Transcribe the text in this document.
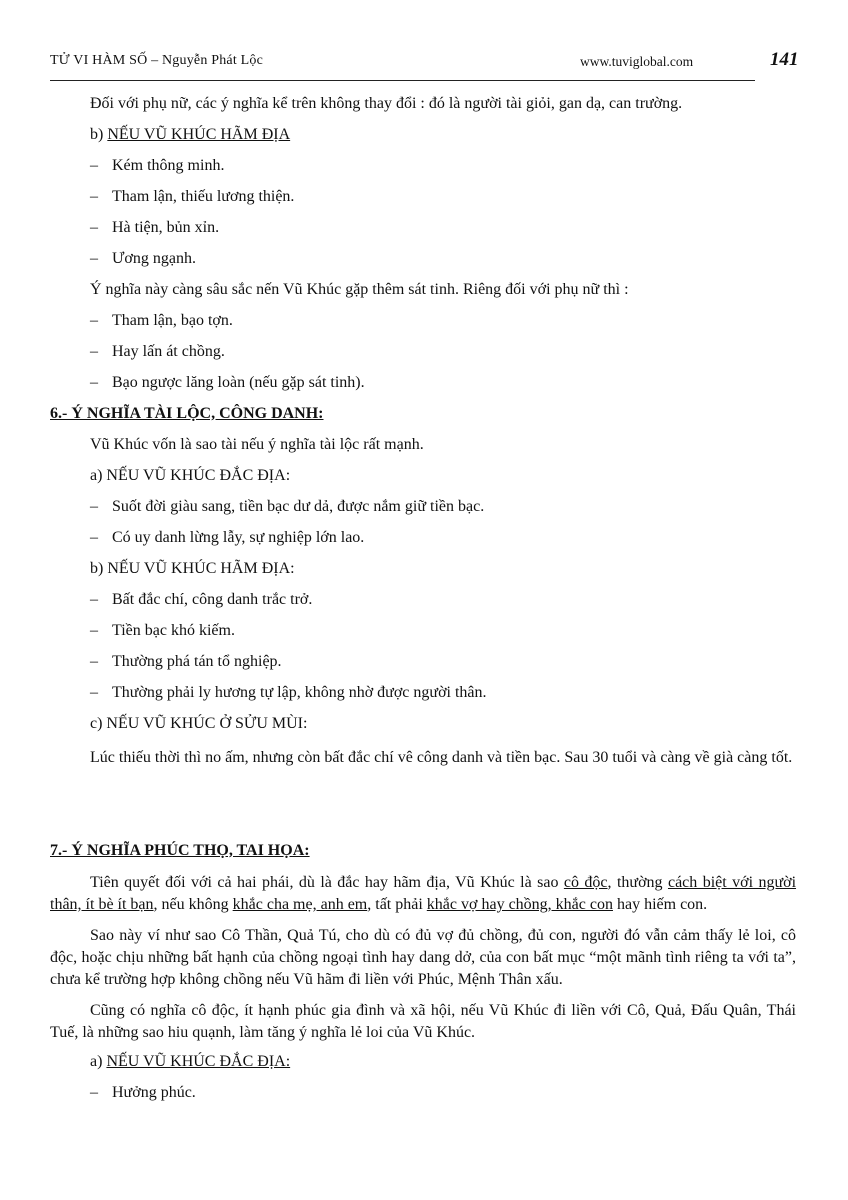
TỬ VI HÀM SỐ – Nguyễn Phát Lộc	www.tuviglobal.com	141

Đối với phụ nữ, các ý nghĩa kể trên không thay đổi : đó là người tài giỏi, gan dạ, can trường.

b)
NẾU VŨ KHÚC HÃM ĐỊA

– Kém thông minh.

– Tham lận, thiếu lương thiện.

– Hà tiện, bủn xỉn.

– Ương ngạnh.

Ý nghĩa này càng sâu sắc nến Vũ Khúc gặp thêm sát tinh. Riêng đối với phụ nữ thì :

– Tham lận, bạo tợn.

– Hay lấn át chồng.

– Bạo ngược lăng loàn (nếu gặp sát tinh).

6.- Ý NGHĨA TÀI LỘC, CÔNG DANH:

Vũ Khúc vốn là sao tài nếu ý nghĩa tài lộc rất mạnh.

a) NẾU VŨ KHÚC ĐẮC ĐỊA:

– Suốt đời giàu sang, tiền bạc dư dả, được nắm giữ tiền bạc.

– Có uy danh lừng lẫy, sự nghiệp lớn lao.

b) NẾU VŨ KHÚC HÃM ĐỊA:

– Bất đắc chí, công danh trắc trở.

– Tiền bạc khó kiếm.

– Thường phá tán tổ nghiệp.

– Thường phải ly hương tự lập, không nhờ được người thân.

c) NẾU VŨ KHÚC Ở SỬU MÙI:

Lúc thiếu thời thì no ấm, nhưng còn bất đắc chí vê công danh và tiền bạc. Sau 30 tuổi và càng về già càng tốt.

7.- Ý NGHĨA PHÚC THỌ, TAI HỌA:

Tiên quyết đối với cả hai phái, dù là đắc hay hãm địa, Vũ Khúc là sao cô độc, thường cách biệt với người thân, ít bè ít bạn, nếu không khắc cha mẹ, anh em, tất phải khắc vợ hay chồng, khắc con hay hiếm con.

Sao này ví như sao Cô Thần, Quả Tú, cho dù có đủ vợ đủ chồng, đủ con, người đó vẫn cảm thấy lẻ loi, cô độc, hoặc chịu những bất hạnh của chồng ngoại tình hay dang dở, của con bất mục “một mãnh tình riêng ta với ta”, chưa kể trường hợp không chồng nếu Vũ hãm đi liền với Phúc, Mệnh Thân xấu.

Cũng có nghĩa cô độc, ít hạnh phúc gia đình và xã hội, nếu Vũ Khúc đi liền với Cô, Quả, Đấu Quân, Thái Tuế, là những sao hiu quạnh, làm tăng ý nghĩa lẻ loi của Vũ Khúc.

a)
NẾU VŨ KHÚC ĐẮC ĐỊA:

– Hưởng phúc.
